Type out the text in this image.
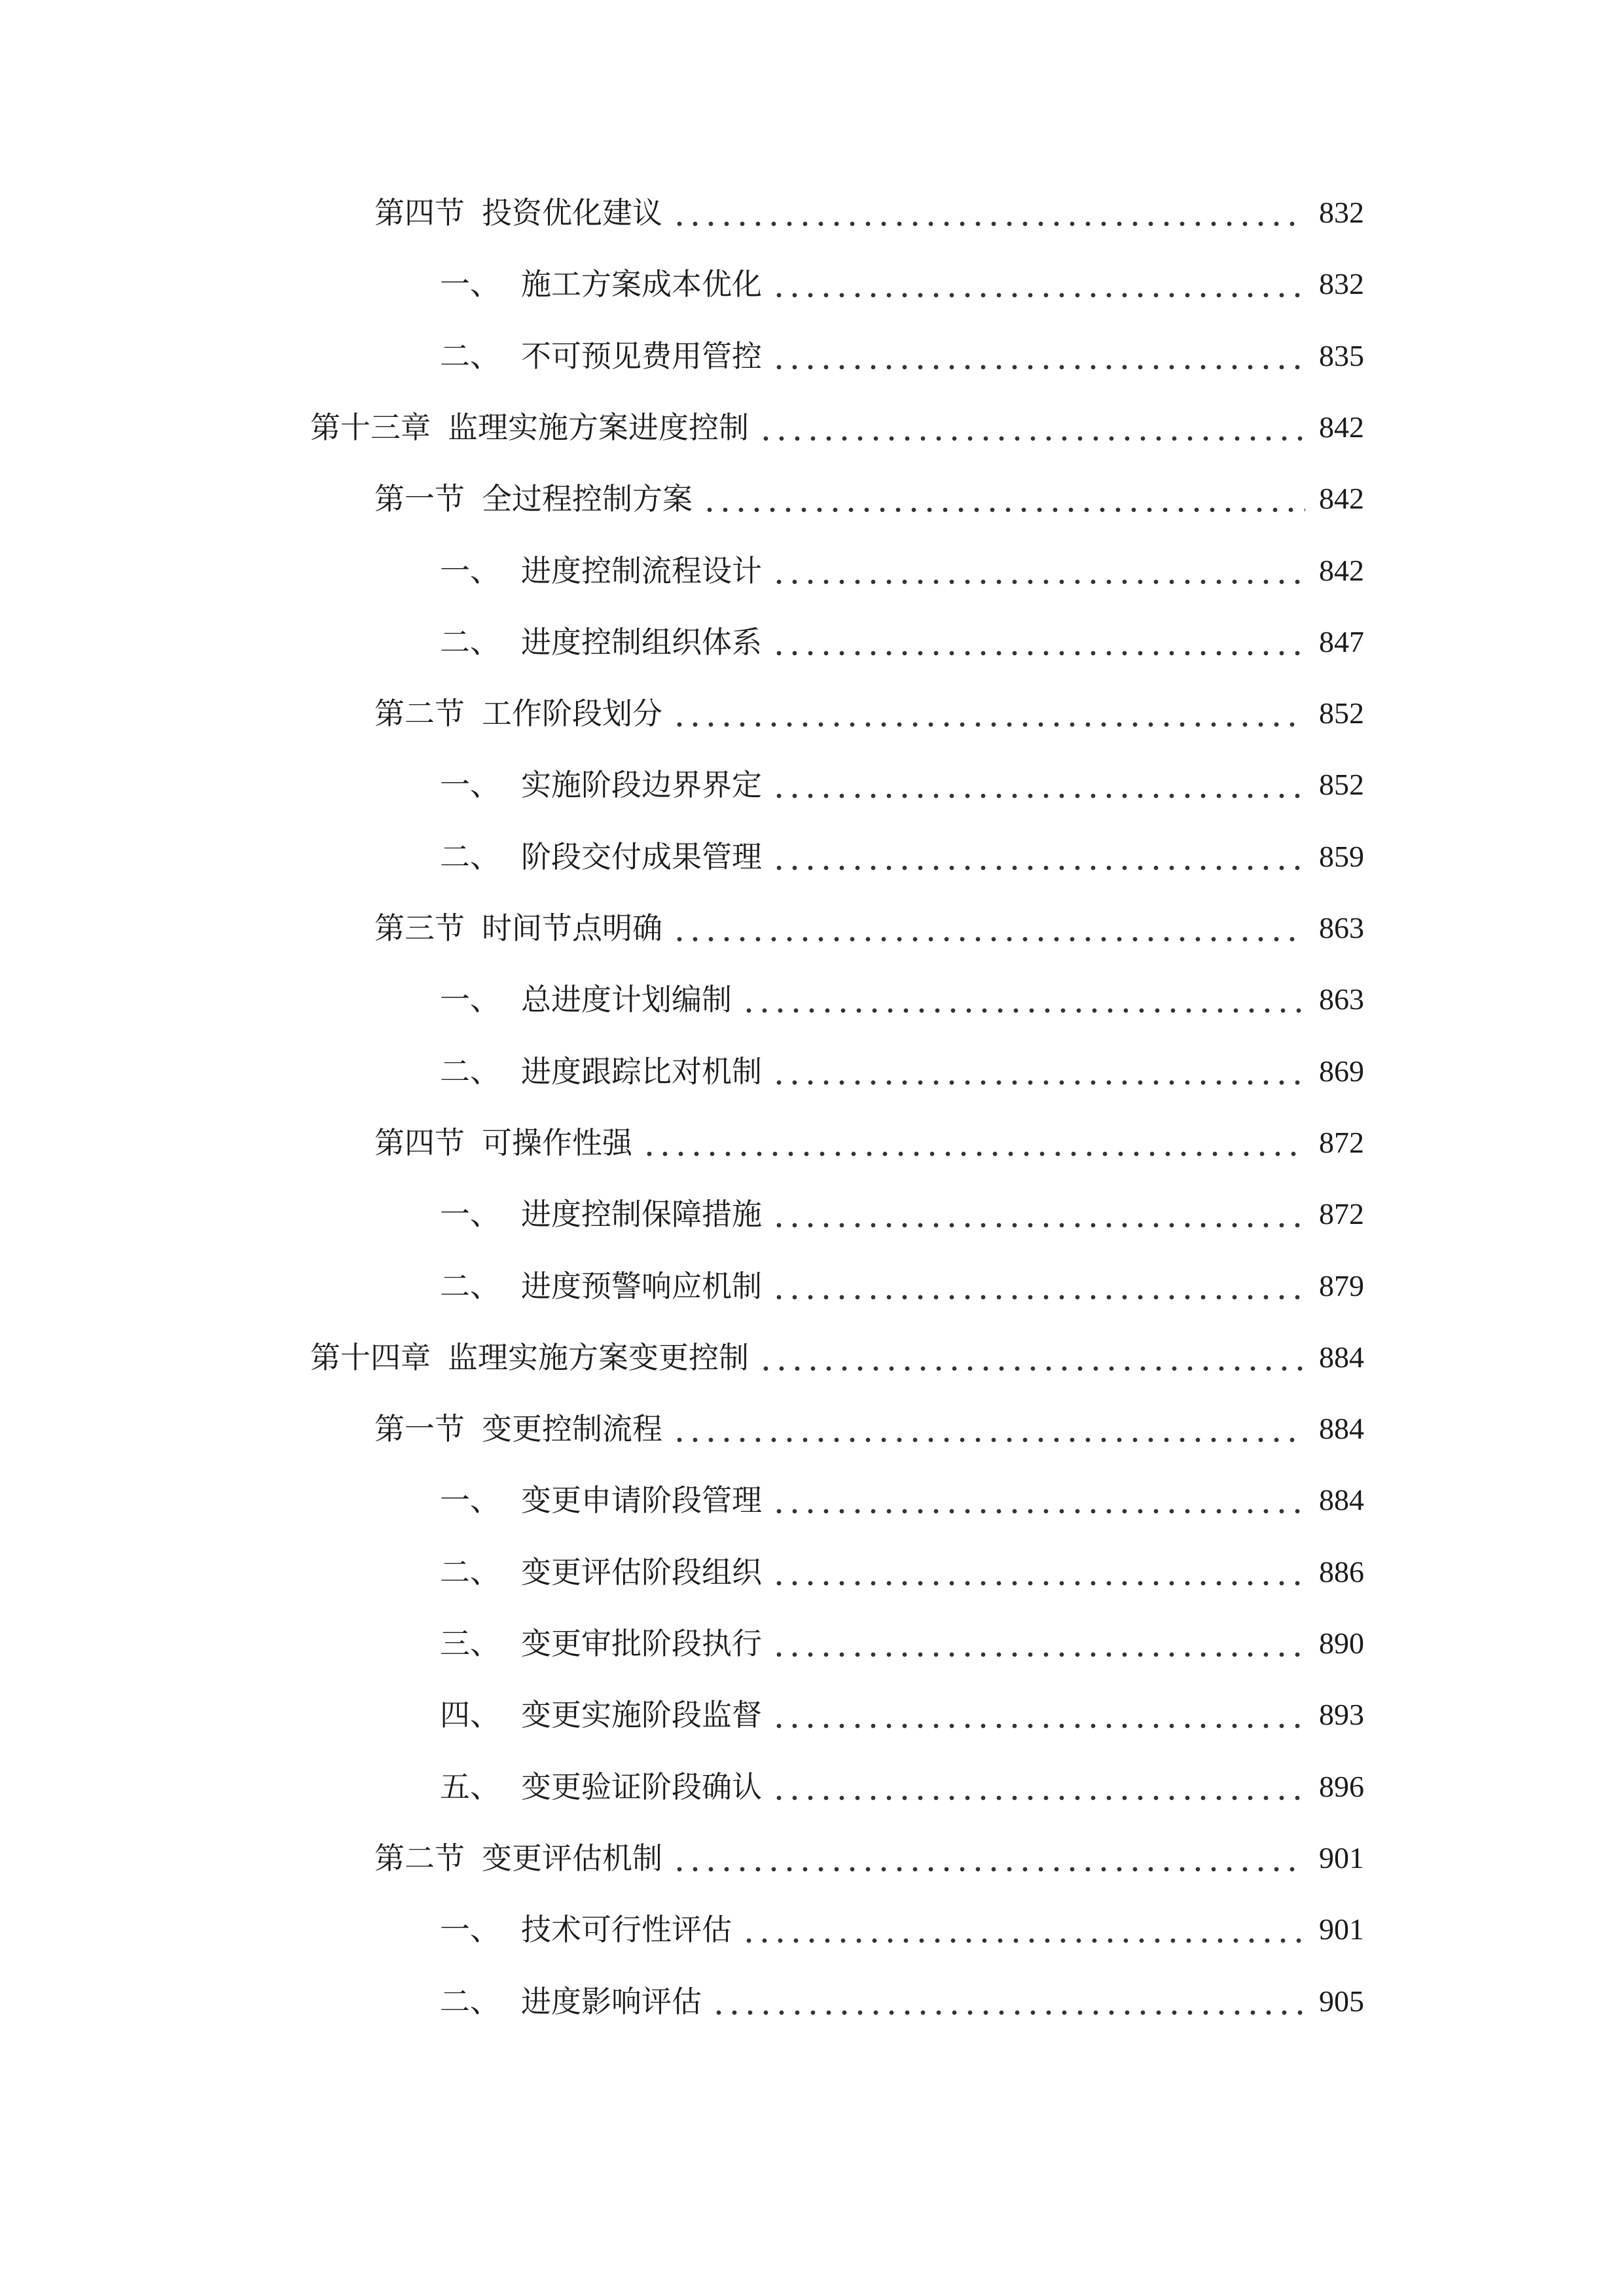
第四节 投资优化建议	832
一、 施工方案成本优化	832
二、 不可预见费用管控	835
第十三章 监理实施方案进度控制	842
第一节 全过程控制方案	842
一、 进度控制流程设计	842
二、 进度控制组织体系	847
第二节 工作阶段划分	852
一、 实施阶段边界界定	852
二、 阶段交付成果管理	859
第三节 时间节点明确	863
一、 总进度计划编制	863
二、 进度跟踪比对机制	869
第四节 可操作性强	872
一、 进度控制保障措施	872
二、 进度预警响应机制	879
第十四章 监理实施方案变更控制	884
第一节 变更控制流程	884
一、 变更申请阶段管理	884
二、 变更评估阶段组织	886
三、 变更审批阶段执行	890
四、 变更实施阶段监督	893
五、 变更验证阶段确认	896
第二节 变更评估机制	901
一、 技术可行性评估	901
二、 进度影响评估	905
